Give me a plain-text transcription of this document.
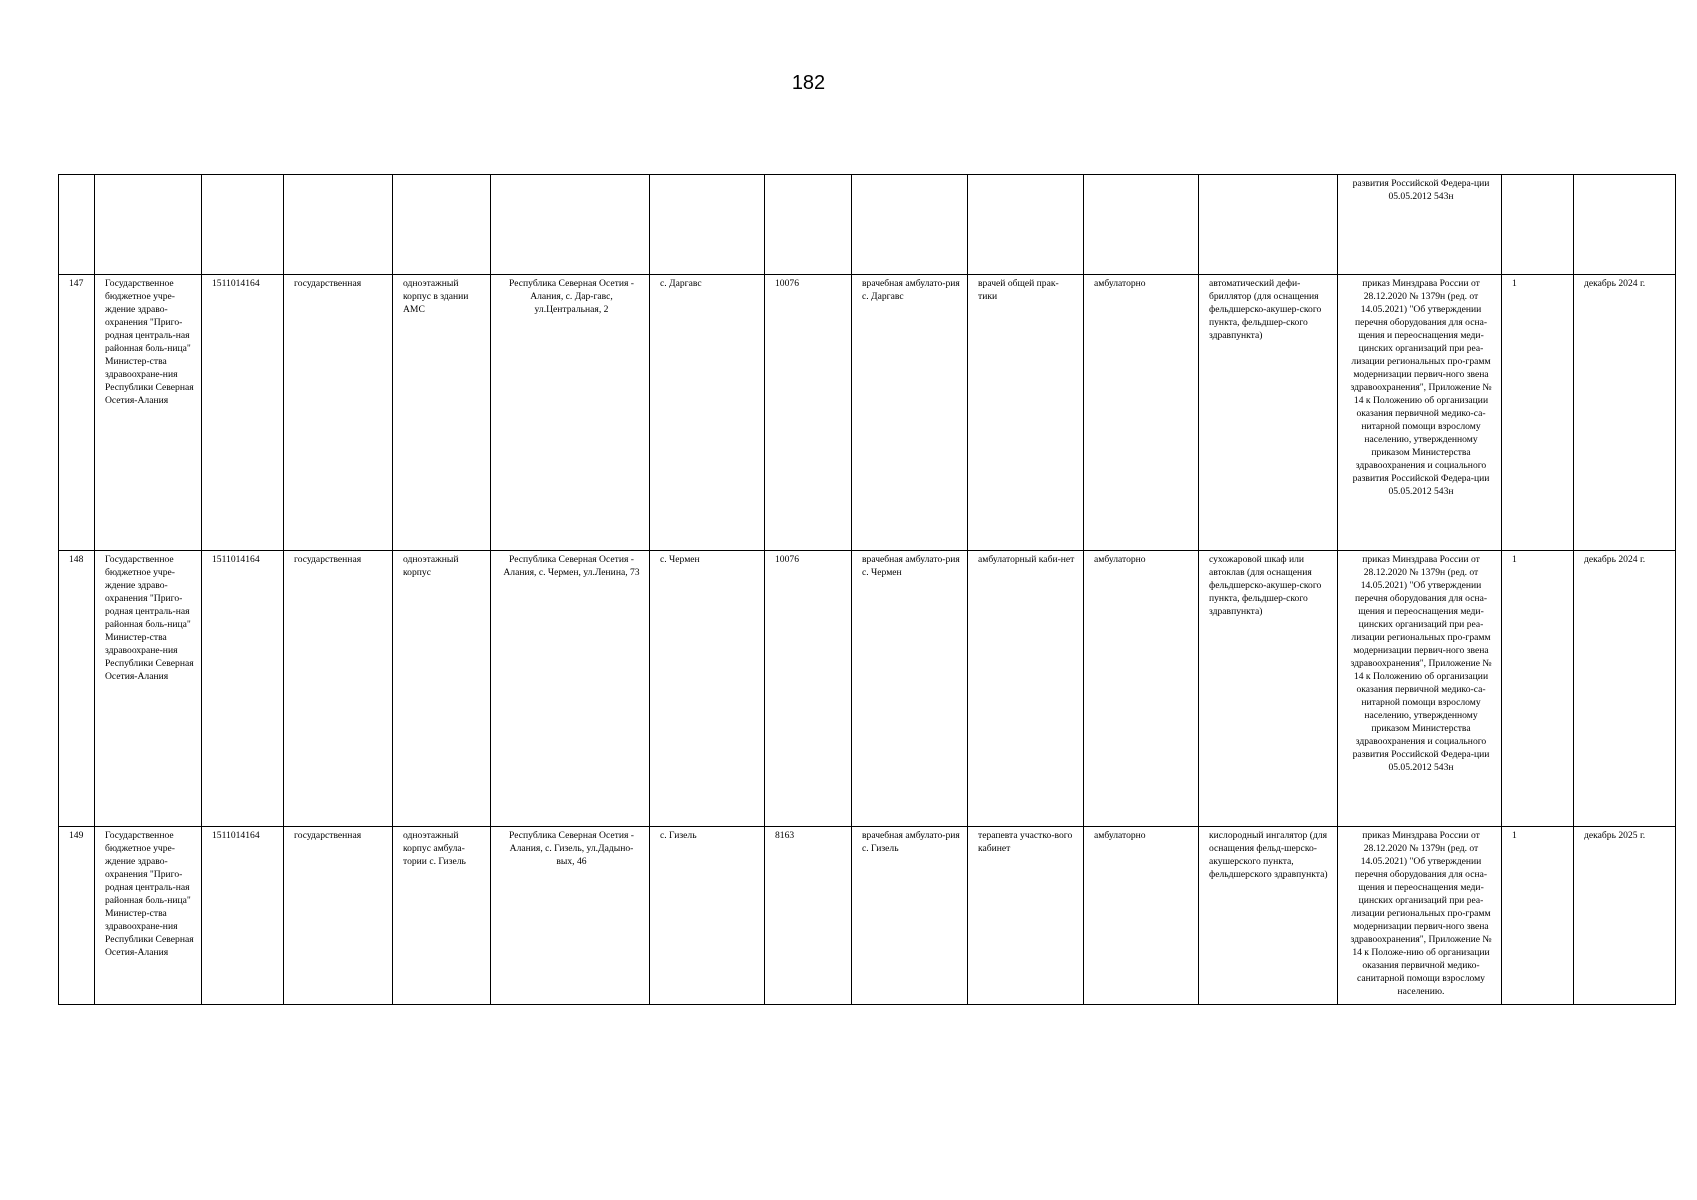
182
												развития Российской Федера-ции 05.05.2012 543н		
147	Государственное бюджетное учре-ждение здраво-охранения "Приго-родная централь-ная районная боль-ница" Министер-ства здравоохране-ния Республики Северная Осетия-Алания	1511014164	государственная	одноэтажный корпус в здании АМС	Республика Северная Осетия - Алания, с. Дар-гавс, ул.Центральная, 2	с. Даргавс	10076	врачебная амбулато-рия с. Даргавс	врачей общей прак-тики	амбулаторно	автоматический дефи-бриллятор (для оснащения фельдшерско-акушер-ского пункта, фельдшер-ского здравпункта)	приказ Минздрава России от 28.12.2020 № 1379н (ред. от 14.05.2021) "Об утверждении перечня оборудования для осна-щения и переоснащения меди-цинских организаций при реа-лизации региональных про-грамм модернизации первич-ного звена здравоохранения", Приложение № 14 к Положению об организации оказания первичной медико-са-нитарной помощи взрослому населению, утвержденному приказом Министерства здравоохранения и социального развития Российской Федера-ции 05.05.2012 543н	1	декабрь 2024 г.
148	Государственное бюджетное учре-ждение здраво-охранения "Приго-родная централь-ная районная боль-ница" Министер-ства здравоохране-ния Республики Северная Осетия-Алания	1511014164	государственная	одноэтажный корпус	Республика Северная Осетия - Алания, с. Чермен, ул.Ленина, 73	с. Чермен	10076	врачебная амбулато-рия с. Чермен	амбулаторный каби-нет	амбулаторно	сухожаровой шкаф или автоклав (для оснащения фельдшерско-акушер-ского пункта, фельдшер-ского здравпункта)	приказ Минздрава России от 28.12.2020 № 1379н (ред. от 14.05.2021) "Об утверждении перечня оборудования для осна-щения и переоснащения меди-цинских организаций при реа-лизации региональных про-грамм модернизации первич-ного звена здравоохранения", Приложение № 14 к Положению об организации оказания первичной медико-са-нитарной помощи взрослому населению, утвержденному приказом Министерства здравоохранения и социального развития Российской Федера-ции 05.05.2012 543н	1	декабрь 2024 г.
149	Государственное бюджетное учре-ждение здраво-охранения "Приго-родная централь-ная районная боль-ница" Министер-ства здравоохране-ния Республики Северная Осетия-Алания	1511014164	государственная	одноэтажный корпус амбула-тории с. Гизель	Республика Северная Осетия - Алания, с. Гизель, ул.Дадыно-вых, 46	с. Гизель	8163	врачебная амбулато-рия с. Гизель	терапевта участко-вого кабинет	амбулаторно	кислородный ингалятор (для оснащения фельд-шерско-акушерского пункта, фельдшерского здравпункта)	приказ Минздрава России от 28.12.2020 № 1379н (ред. от 14.05.2021) "Об утверждении перечня оборудования для осна-щения и переоснащения меди-цинских организаций при реа-лизации региональных про-грамм модернизации первич-ного звена здравоохранения", Приложение № 14 к Положе-нию об организации оказания первичной медико-санитарной помощи взрослому населению.	1	декабрь 2025 г.
